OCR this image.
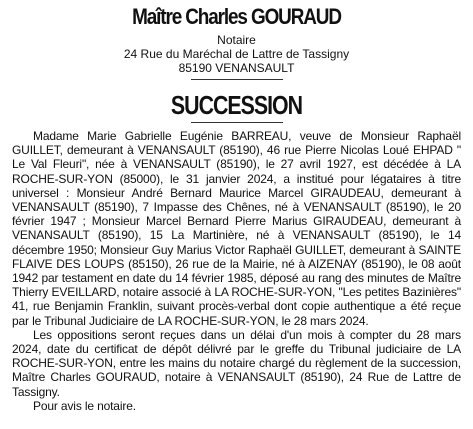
Maître Charles GOURAUD
Notaire
24 Rue du Maréchal de Lattre de Tassigny
85190 VENANSAULT
SUCCESSION

Madame Marie Gabrielle Eugénie BARREAU, veuve de Monsieur Raphaël GUILLET, demeurant à VENANSAULT (85190), 46 rue Pierre Nicolas Loué EHPAD " Le Val Fleuri", née à VENANSAULT (85190), le 27 avril 1927, est décédée à LA ROCHE-SUR-YON (85000), le 31 janvier 2024, a institué pour légataires à titre universel : Monsieur André Bernard Maurice Marcel GIRAUDEAU, demeurant à VENANSAULT (85190), 7 Impasse des Chênes, né à VENANSAULT (85190), le 20 février 1947 ; Monsieur Marcel Bernard Pierre Marius GIRAUDEAU, demeurant à VENANSAULT (85190), 15 La Martinière, né à VENANSAULT (85190), le 14 décembre 1950; Monsieur Guy Marius Victor Raphaël GUILLET, demeurant à SAINTE FLAIVE DES LOUPS (85150), 26 rue de la Mairie, né à AIZENAY (85190), le 08 août 1942 par testament en date du 14 février 1985, déposé au rang des minutes de Maître Thierry EVEILLARD, notaire associé à LA ROCHE-SUR-YON, "Les petites Bazinières" 41, rue Benjamin Franklin, suivant procès-verbal dont copie authentique a été reçue par le Tribunal Judiciaire de LA ROCHE-SUR-YON, le 28 mars 2024.

Les oppositions seront reçues dans un délai d'un mois à compter du 28 mars 2024, date du certificat de dépôt délivré par le greffe du Tribunal judiciaire de LA ROCHE-SUR-YON, entre les mains du notaire chargé du règlement de la succession, Maître Charles GOURAUD, notaire à VENANSAULT (85190), 24 Rue de Lattre de Tassigny.

Pour avis le notaire.
